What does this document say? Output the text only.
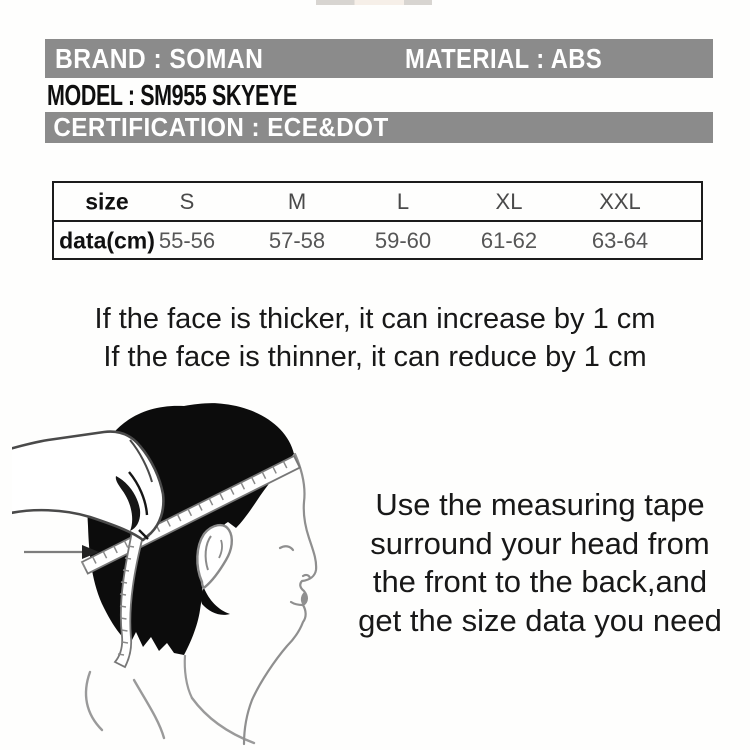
BRAND : SOMAN	MATERIAL : ABS
MODEL : SM955 SKYEYE
CERTIFICATION : ECE&DOT
size	S	M	L	XL	XXL
data(cm) 55-56	57-58	59-60	61-62	63-64
If the face is thicker, it can increase by 1 cm
If the face is thinner, it can reduce by 1 cm
Use the measuring tape
surround your head from
the front to the back,and
get the size data you need
